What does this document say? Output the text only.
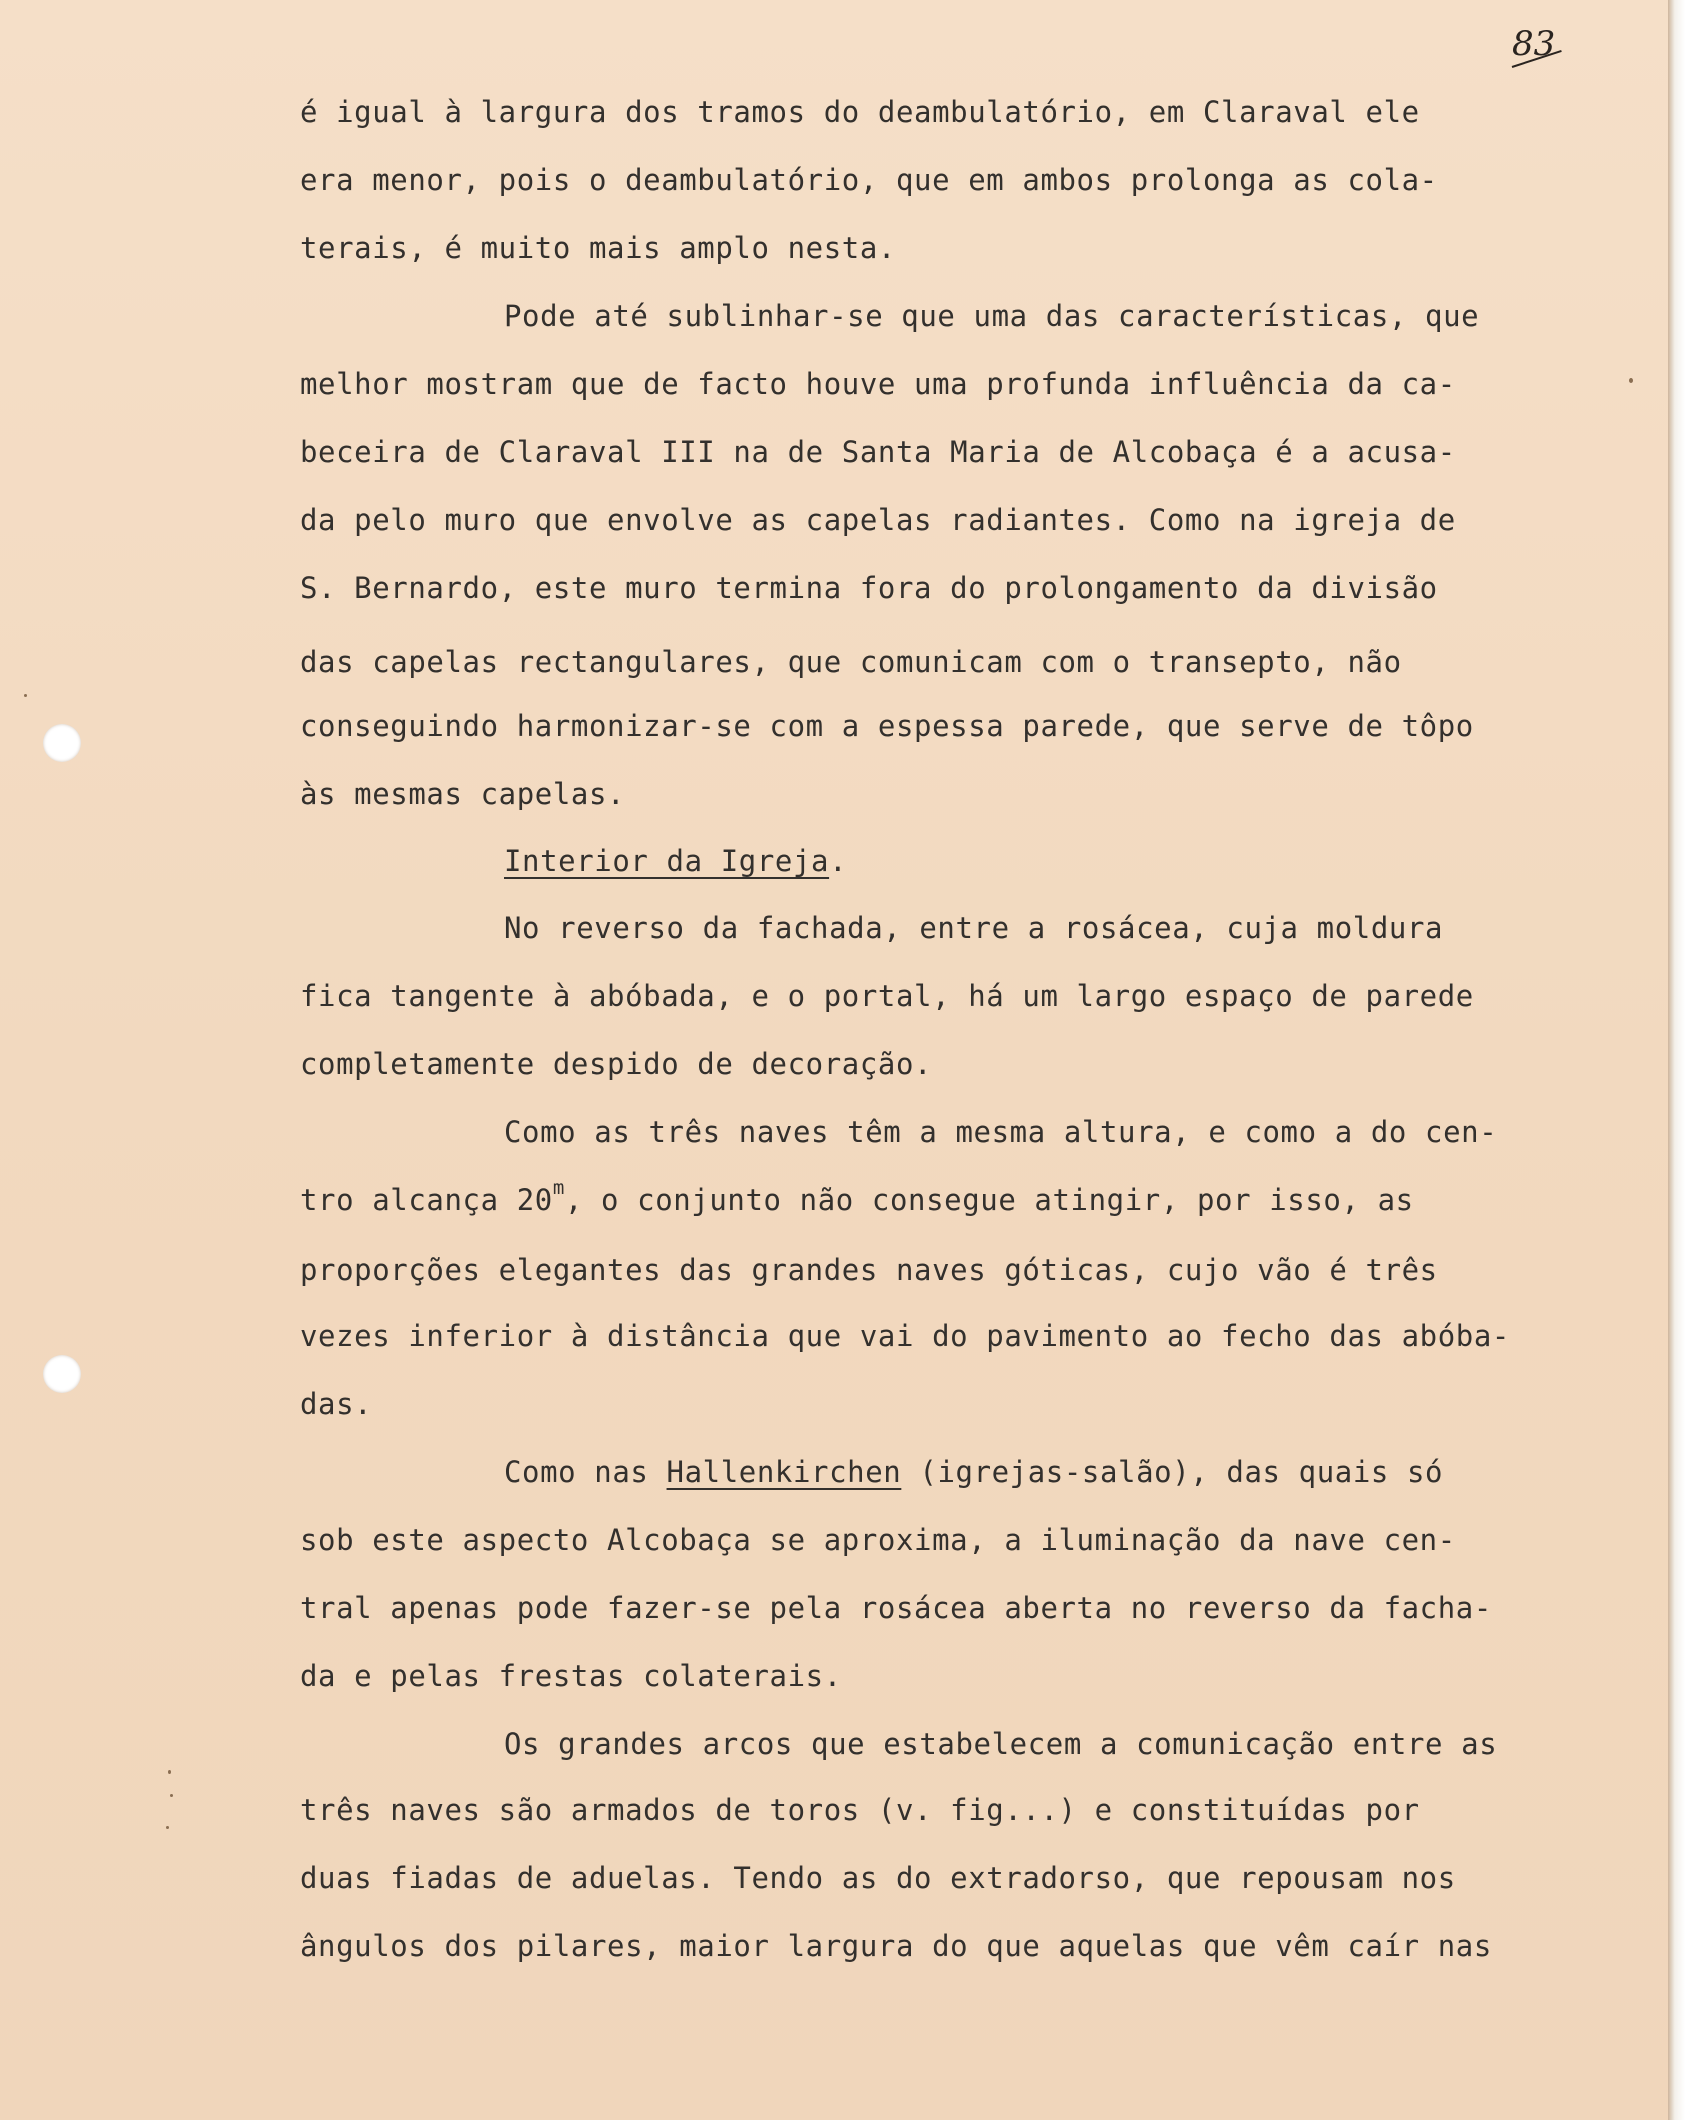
83
é igual à largura dos tramos do deambulatório, em Claraval ele
era menor, pois o deambulatório, que em ambos prolonga as cola-
terais, é muito mais amplo nesta.
Pode até sublinhar-se que uma das características, que
melhor mostram que de facto houve uma profunda influência da ca-
beceira de Claraval III na de Santa Maria de Alcobaça é a acusa-
da pelo muro que envolve as capelas radiantes. Como na igreja de
S. Bernardo, este muro termina fora do prolongamento da divisão
das capelas rectangulares, que comunicam com o transepto, não
conseguindo harmonizar-se com a espessa parede, que serve de tôpo
às mesmas capelas.
Interior da Igreja.
No reverso da fachada, entre a rosácea, cuja moldura
fica tangente à abóbada, e o portal, há um largo espaço de parede
completamente despido de decoração.
Como as três naves têm a mesma altura, e como a do cen-
tro alcança 20$^m$, o conjunto não consegue atingir, por isso, as
proporções elegantes das grandes naves góticas, cujo vão é três
vezes inferior à distância que vai do pavimento ao fecho das abóba-
das.
Como nas Hallenkirchen (igrejas-salão), das quais só
sob este aspecto Alcobaça se aproxima, a iluminação da nave cen-
tral apenas pode fazer-se pela rosácea aberta no reverso da facha-
da e pelas frestas colaterais.
Os grandes arcos que estabelecem a comunicação entre as
três naves são armados de toros (v. fig...) e constituídas por
duas fiadas de aduelas. Tendo as do extradorso, que repousam nos
ângulos dos pilares, maior largura do que aquelas que vêm caír nas
